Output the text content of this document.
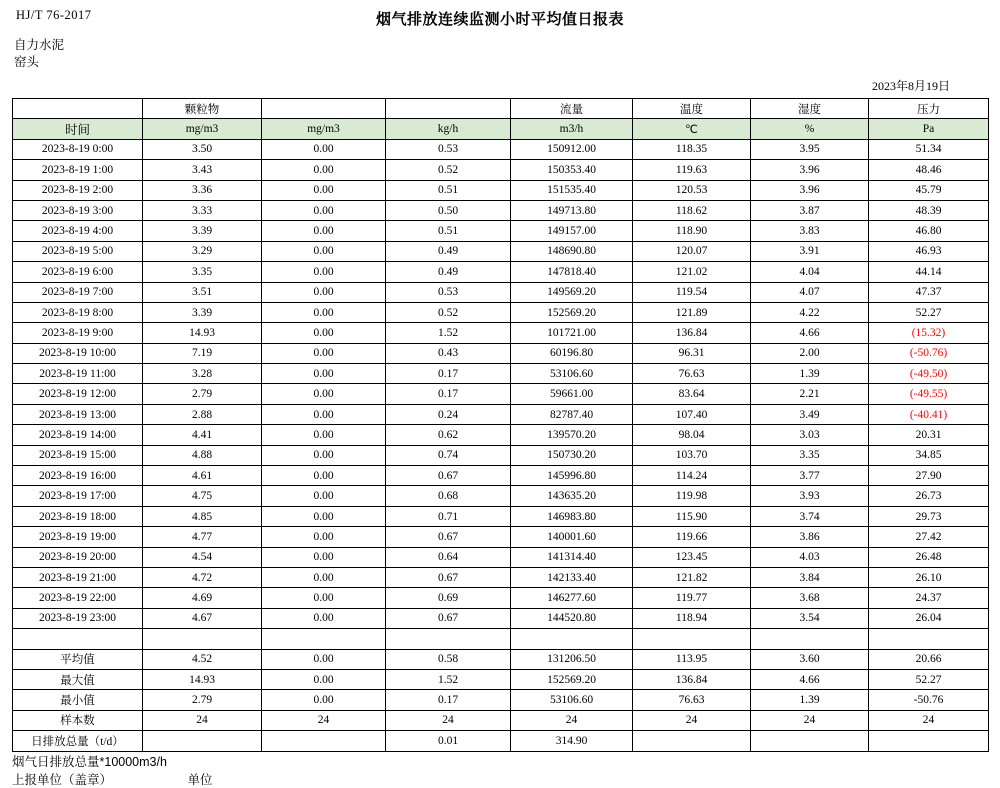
HJ/T 76-2017	烟气排放连续监测小时平均值日报表
自力水泥
窑头
2023年8月19日
	颗粒物			流量	温度	湿度	压力
时间	mg/m3	mg/m3	kg/h	m3/h	℃	%	Pa
2023-8-19 0:00	3.50	0.00	0.53	150912.00	118.35	3.95	51.34
2023-8-19 1:00	3.43	0.00	0.52	150353.40	119.63	3.96	48.46
2023-8-19 2:00	3.36	0.00	0.51	151535.40	120.53	3.96	45.79
2023-8-19 3:00	3.33	0.00	0.50	149713.80	118.62	3.87	48.39
2023-8-19 4:00	3.39	0.00	0.51	149157.00	118.90	3.83	46.80
2023-8-19 5:00	3.29	0.00	0.49	148690.80	120.07	3.91	46.93
2023-8-19 6:00	3.35	0.00	0.49	147818.40	121.02	4.04	44.14
2023-8-19 7:00	3.51	0.00	0.53	149569.20	119.54	4.07	47.37
2023-8-19 8:00	3.39	0.00	0.52	152569.20	121.89	4.22	52.27
2023-8-19 9:00	14.93	0.00	1.52	101721.00	136.84	4.66	(15.32)
2023-8-19 10:00	7.19	0.00	0.43	60196.80	96.31	2.00	(-50.76)
2023-8-19 11:00	3.28	0.00	0.17	53106.60	76.63	1.39	(-49.50)
2023-8-19 12:00	2.79	0.00	0.17	59661.00	83.64	2.21	(-49.55)
2023-8-19 13:00	2.88	0.00	0.24	82787.40	107.40	3.49	(-40.41)
2023-8-19 14:00	4.41	0.00	0.62	139570.20	98.04	3.03	20.31
2023-8-19 15:00	4.88	0.00	0.74	150730.20	103.70	3.35	34.85
2023-8-19 16:00	4.61	0.00	0.67	145996.80	114.24	3.77	27.90
2023-8-19 17:00	4.75	0.00	0.68	143635.20	119.98	3.93	26.73
2023-8-19 18:00	4.85	0.00	0.71	146983.80	115.90	3.74	29.73
2023-8-19 19:00	4.77	0.00	0.67	140001.60	119.66	3.86	27.42
2023-8-19 20:00	4.54	0.00	0.64	141314.40	123.45	4.03	26.48
2023-8-19 21:00	4.72	0.00	0.67	142133.40	121.82	3.84	26.10
2023-8-19 22:00	4.69	0.00	0.69	146277.60	119.77	3.68	24.37
2023-8-19 23:00	4.67	0.00	0.67	144520.80	118.94	3.54	26.04

平均值	4.52	0.00	0.58	131206.50	113.95	3.60	20.66
最大值	14.93	0.00	1.52	152569.20	136.84	4.66	52.27
最小值	2.79	0.00	0.17	53106.60	76.63	1.39	-50.76
样本数	24	24	24	24	24	24	24
日排放总量（t/d）			0.01	314.90			
烟气日排放总量*10000m3/h
上报单位（盖章）	单位
